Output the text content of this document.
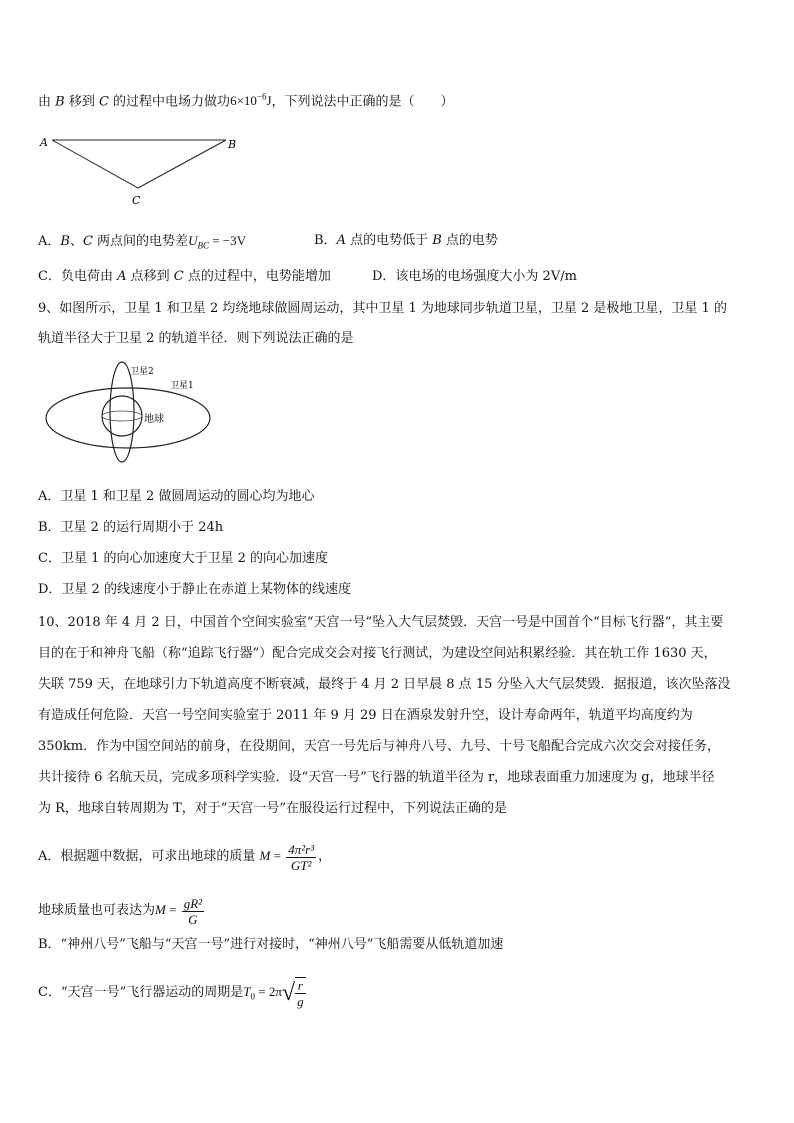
由 B 移到 C 的过程中电场力做功$6\times 10^{-6}J$，下列说法中正确的是（　　）
A	B
C
A．B、C 两点间的电势差$U_{BC} = -3V$	B．A 点的电势低于 B 点的电势
C．负电荷由 A 点移到 C 点的过程中，电势能增加	D．该电场的电场强度大小为 2V/m
9、如图所示，卫星 1 和卫星 2 均绕地球做圆周运动，其中卫星 1 为地球同步轨道卫星，卫星 2 是极地卫星，卫星 1 的
轨道半径大于卫星 2 的轨道半径．则下列说法正确的是
卫星2
卫星1
地球
A．卫星 1 和卫星 2 做圆周运动的圆心均为地心
B．卫星 2 的运行周期小于 24h
C．卫星 1 的向心加速度大于卫星 2 的向心加速度
D．卫星 2 的线速度小于静止在赤道上某物体的线速度
10、2018 年 4 月 2 日，中国首个空间实验室“天宫一号”坠入大气层焚毁．天宫一号是中国首个“目标飞行器”，其主要
目的在于和神舟飞船（称“追踪飞行器”）配合完成交会对接飞行测试，为建设空间站积累经验．其在轨工作 1630 天，
失联 759 天，在地球引力下轨道高度不断衰减，最终于 4 月 2 日早晨 8 点 15 分坠入大气层焚毁．据报道，该次坠落没
有造成任何危险．天宫一号空间实验室于 2011 年 9 月 29 日在酒泉发射升空，设计寿命两年，轨道平均高度约为
350km．作为中国空间站的前身，在役期间，天宫一号先后与神舟八号、九号、十号飞船配合完成六次交会对接任务，
共计接待 6 名航天员，完成多项科学实验．设“天宫一号”飞行器的轨道半径为 r，地球表面重力加速度为 g，地球半径
为 R，地球自转周期为 T，对于“天宫一号”在服役运行过程中，下列说法正确的是
A．根据题中数据，可求出地球的质量 $M = \frac{\text{4π²r³}}{\text{GT²}}$ ，
地球质量也可表达为$M = \frac{\text{gR²}}{G}$
B．“神州八号”飞船与“天宫一号”进行对接时，“神州八号”飞船需要从低轨道加速
C．“天宫一号”飞行器运动的周期是$T_0 = 2\pi√ \frac{r}{g}$
